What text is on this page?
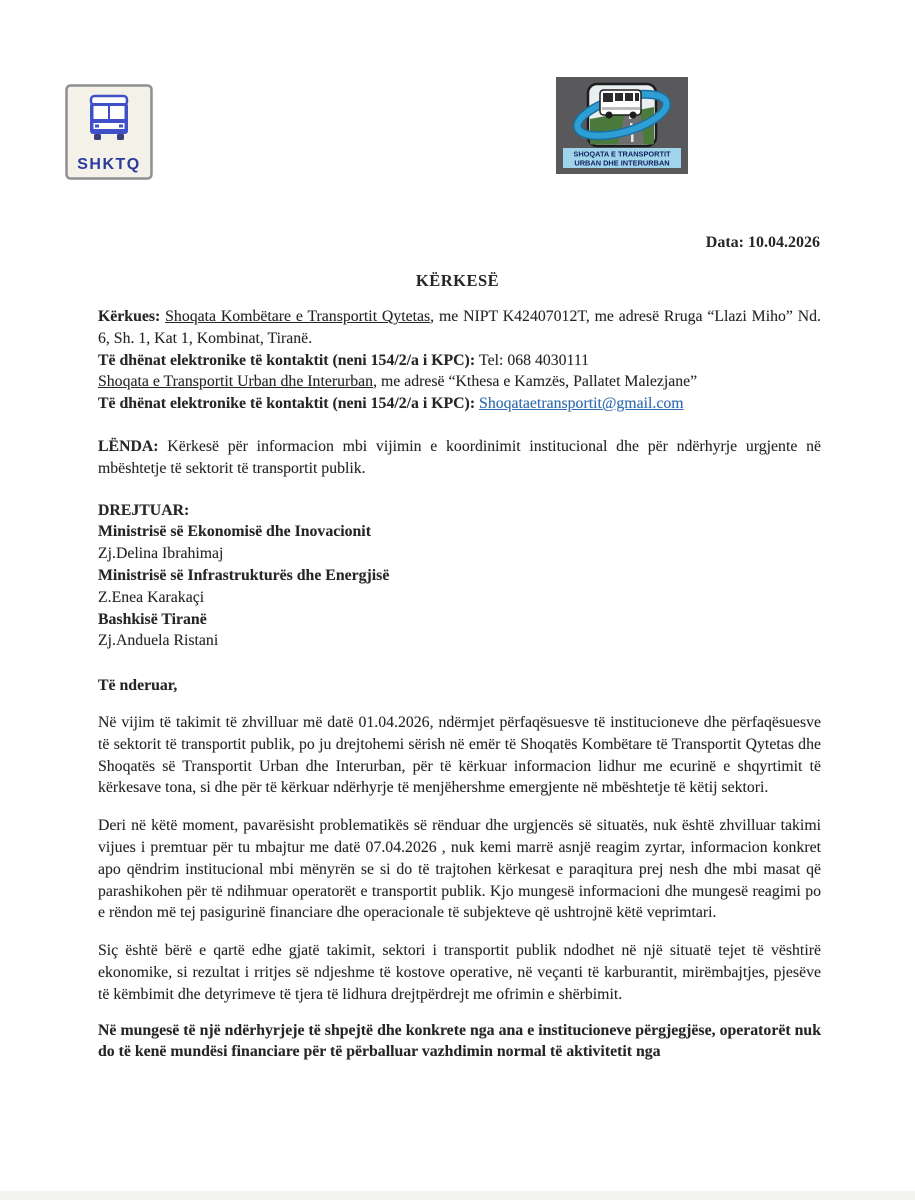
SHKTQ
SHOQATA E TRANSPORTIT
URBAN DHE INTERURBAN
Data: 10.04.2026
KËRKESË
Kërkues: Shoqata Kombëtare e Transportit Qytetas, me NIPT K42407012T, me adresë Rruga “Llazi Miho” Nd. 6, Sh. 1, Kat 1, Kombinat, Tiranë.
Të dhënat elektronike të kontaktit (neni 154/2/a i KPC): Tel: 068 4030111
Shoqata e Transportit Urban dhe Interurban, me adresë “Kthesa e Kamzës, Pallatet Malezjane”
Të dhënat elektronike të kontaktit (neni 154/2/a i KPC): Shoqataetransportit@gmail.com
LËNDA: Kërkesë për informacion mbi vijimin e koordinimit institucional dhe për ndërhyrje urgjente në mbështetje të sektorit të transportit publik.
DREJTUAR:
Ministrisë së Ekonomisë dhe Inovacionit
Zj.Delina Ibrahimaj
Ministrisë së Infrastrukturës dhe Energjisë
Z.Enea Karakaçi
Bashkisë Tiranë
Zj.Anduela Ristani
Të nderuar,
Në vijim të takimit të zhvilluar më datë 01.04.2026, ndërmjet përfaqësuesve të institucioneve dhe përfaqësuesve të sektorit të transportit publik, po ju drejtohemi sërish në emër të Shoqatës Kombëtare të Transportit Qytetas dhe Shoqatës së Transportit Urban dhe Interurban, për të kërkuar informacion lidhur me ecurinë e shqyrtimit të kërkesave tona, si dhe për të kërkuar ndërhyrje të menjëhershme emergjente në mbështetje të këtij sektori.
Deri në këtë moment, pavarësisht problematikës së rënduar dhe urgjencës së situatës, nuk është zhvilluar takimi vijues i premtuar për tu mbajtur me datë 07.04.2026 , nuk kemi marrë asnjë reagim zyrtar, informacion konkret apo qëndrim institucional mbi mënyrën se si do të trajtohen kërkesat e paraqitura prej nesh dhe mbi masat që parashikohen për të ndihmuar operatorët e transportit publik. Kjo mungesë informacioni dhe mungesë reagimi po e rëndon më tej pasigurinë financiare dhe operacionale të subjekteve që ushtrojnë këtë veprimtari.
Siç është bërë e qartë edhe gjatë takimit, sektori i transportit publik ndodhet në një situatë tejet të vështirë ekonomike, si rezultat i rritjes së ndjeshme të kostove operative, në veçanti të karburantit, mirëmbajtjes, pjesëve të këmbimit dhe detyrimeve të tjera të lidhura drejtpërdrejt me ofrimin e shërbimit.
Në mungesë të një ndërhyrjeje të shpejtë dhe konkrete nga ana e institucioneve përgjegjëse, operatorët nuk do të kenë mundësi financiare për të përballuar vazhdimin normal të aktivitetit nga
